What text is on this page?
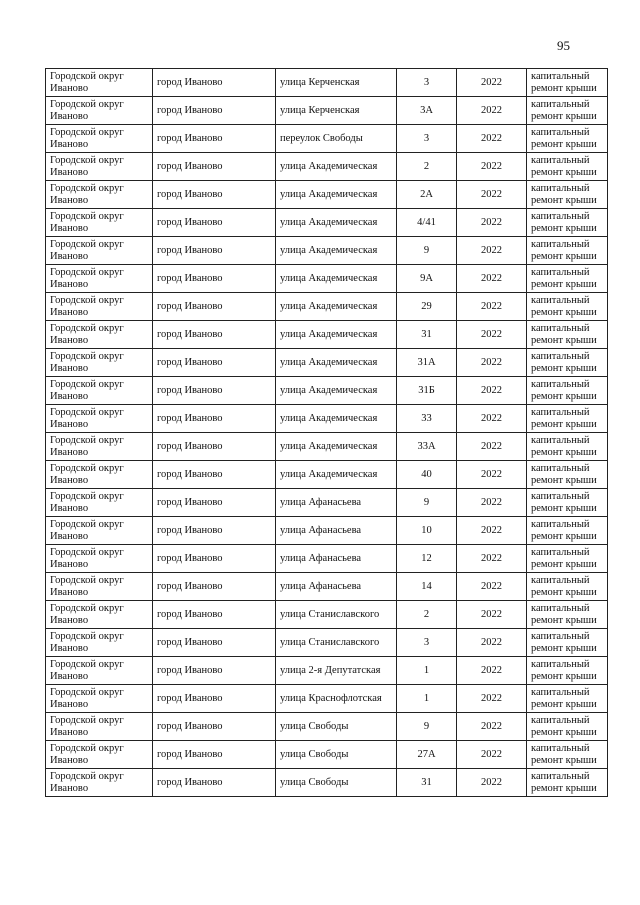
95
Городской округ Иваново	город Иваново	улица Керченская	3	2022	капитальный ремонт крыши
Городской округ Иваново	город Иваново	улица Керченская	3А	2022	капитальный ремонт крыши
Городской округ Иваново	город Иваново	переулок Свободы	3	2022	капитальный ремонт крыши
Городской округ Иваново	город Иваново	улица Академическая	2	2022	капитальный ремонт крыши
Городской округ Иваново	город Иваново	улица Академическая	2А	2022	капитальный ремонт крыши
Городской округ Иваново	город Иваново	улица Академическая	4/41	2022	капитальный ремонт крыши
Городской округ Иваново	город Иваново	улица Академическая	9	2022	капитальный ремонт крыши
Городской округ Иваново	город Иваново	улица Академическая	9А	2022	капитальный ремонт крыши
Городской округ Иваново	город Иваново	улица Академическая	29	2022	капитальный ремонт крыши
Городской округ Иваново	город Иваново	улица Академическая	31	2022	капитальный ремонт крыши
Городской округ Иваново	город Иваново	улица Академическая	31А	2022	капитальный ремонт крыши
Городской округ Иваново	город Иваново	улица Академическая	31Б	2022	капитальный ремонт крыши
Городской округ Иваново	город Иваново	улица Академическая	33	2022	капитальный ремонт крыши
Городской округ Иваново	город Иваново	улица Академическая	33А	2022	капитальный ремонт крыши
Городской округ Иваново	город Иваново	улица Академическая	40	2022	капитальный ремонт крыши
Городской округ Иваново	город Иваново	улица Афанасьева	9	2022	капитальный ремонт крыши
Городской округ Иваново	город Иваново	улица Афанасьева	10	2022	капитальный ремонт крыши
Городской округ Иваново	город Иваново	улица Афанасьева	12	2022	капитальный ремонт крыши
Городской округ Иваново	город Иваново	улица Афанасьева	14	2022	капитальный ремонт крыши
Городской округ Иваново	город Иваново	улица Станиславского	2	2022	капитальный ремонт крыши
Городской округ Иваново	город Иваново	улица Станиславского	3	2022	капитальный ремонт крыши
Городской округ Иваново	город Иваново	улица 2-я Депутатская	1	2022	капитальный ремонт крыши
Городской округ Иваново	город Иваново	улица Краснофлотская	1	2022	капитальный ремонт крыши
Городской округ Иваново	город Иваново	улица Свободы	9	2022	капитальный ремонт крыши
Городской округ Иваново	город Иваново	улица Свободы	27А	2022	капитальный ремонт крыши
Городской округ Иваново	город Иваново	улица Свободы	31	2022	капитальный ремонт крыши
